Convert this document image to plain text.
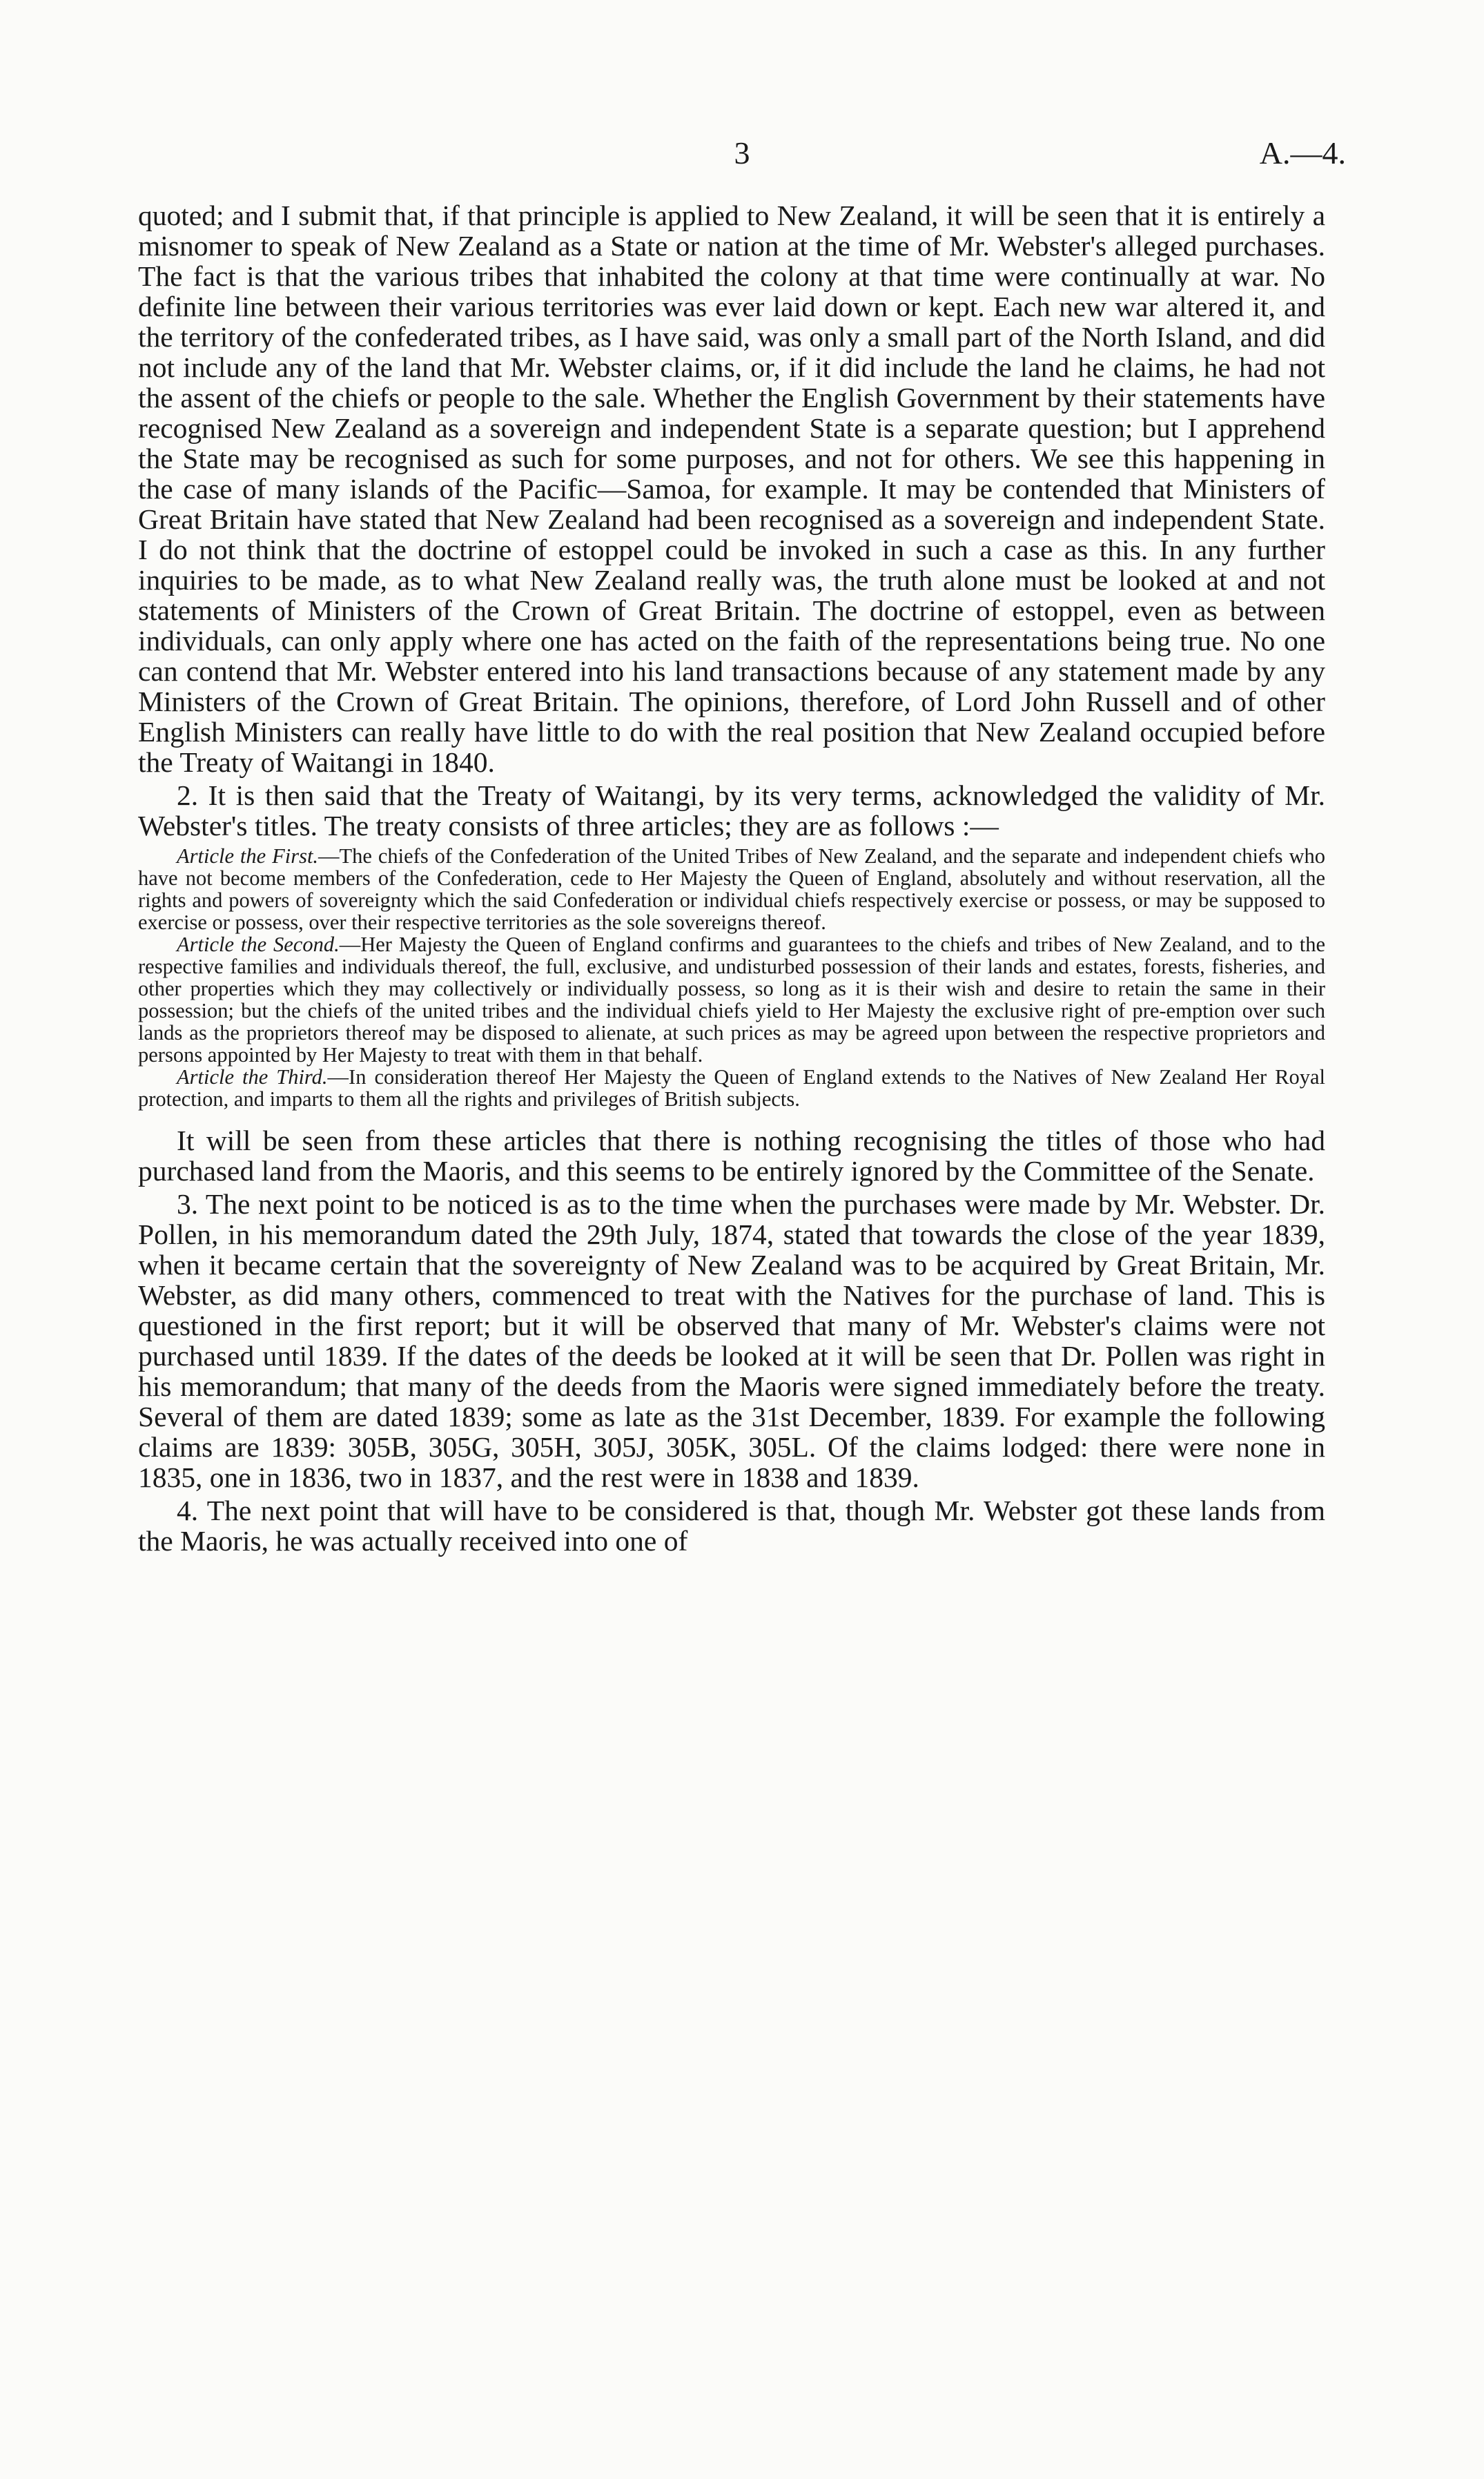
3	A.—4.

quoted; and I submit that, if that principle is applied to New Zealand, it will be seen that it is entirely a misnomer to speak of New Zealand as a State or nation at the time of Mr. Webster's alleged purchases. The fact is that the various tribes that inhabited the colony at that time were continually at war. No definite line between their various territories was ever laid down or kept. Each new war altered it, and the territory of the confederated tribes, as I have said, was only a small part of the North Island, and did not include any of the land that Mr. Webster claims, or, if it did include the land he claims, he had not the assent of the chiefs or people to the sale. Whether the English Government by their statements have recognised New Zealand as a sovereign and independent State is a separate question; but I apprehend the State may be recognised as such for some purposes, and not for others. We see this happening in the case of many islands of the Pacific—Samoa, for example. It may be contended that Ministers of Great Britain have stated that New Zealand had been recognised as a sovereign and independent State. I do not think that the doctrine of estoppel could be invoked in such a case as this. In any further inquiries to be made, as to what New Zealand really was, the truth alone must be looked at and not statements of Ministers of the Crown of Great Britain. The doctrine of estoppel, even as between individuals, can only apply where one has acted on the faith of the representations being true. No one can contend that Mr. Webster entered into his land transactions because of any statement made by any Ministers of the Crown of Great Britain. The opinions, therefore, of Lord John Russell and of other English Ministers can really have little to do with the real position that New Zealand occupied before the Treaty of Waitangi in 1840.

2. It is then said that the Treaty of Waitangi, by its very terms, acknowledged the validity of Mr. Webster's titles. The treaty consists of three articles; they are as follows :—

Article the First.—The chiefs of the Confederation of the United Tribes of New Zealand, and the separate and independent chiefs who have not become members of the Confederation, cede to Her Majesty the Queen of England, absolutely and without reservation, all the rights and powers of sovereignty which the said Confederation or individual chiefs respectively exercise or possess, or may be supposed to exercise or possess, over their respective territories as the sole sovereigns thereof.

Article the Second.—Her Majesty the Queen of England confirms and guarantees to the chiefs and tribes of New Zealand, and to the respective families and individuals thereof, the full, exclusive, and undisturbed possession of their lands and estates, forests, fisheries, and other properties which they may collectively or individually possess, so long as it is their wish and desire to retain the same in their possession; but the chiefs of the united tribes and the individual chiefs yield to Her Majesty the exclusive right of pre-emption over such lands as the proprietors thereof may be disposed to alienate, at such prices as may be agreed upon between the respective proprietors and persons appointed by Her Majesty to treat with them in that behalf.

Article the Third.—In consideration thereof Her Majesty the Queen of England extends to the Natives of New Zealand Her Royal protection, and imparts to them all the rights and privileges of British subjects.

It will be seen from these articles that there is nothing recognising the titles of those who had purchased land from the Maoris, and this seems to be entirely ignored by the Committee of the Senate.

3. The next point to be noticed is as to the time when the purchases were made by Mr. Webster. Dr. Pollen, in his memorandum dated the 29th July, 1874, stated that towards the close of the year 1839, when it became certain that the sovereignty of New Zealand was to be acquired by Great Britain, Mr. Webster, as did many others, commenced to treat with the Natives for the purchase of land. This is questioned in the first report; but it will be observed that many of Mr. Webster's claims were not purchased until 1839. If the dates of the deeds be looked at it will be seen that Dr. Pollen was right in his memorandum; that many of the deeds from the Maoris were signed immediately before the treaty. Several of them are dated 1839; some as late as the 31st December, 1839. For example the following claims are 1839: 305B, 305G, 305H, 305J, 305K, 305L. Of the claims lodged: there were none in 1835, one in 1836, two in 1837, and the rest were in 1838 and 1839.

4. The next point that will have to be considered is that, though Mr. Webster got these lands from the Maoris, he was actually received into one of
